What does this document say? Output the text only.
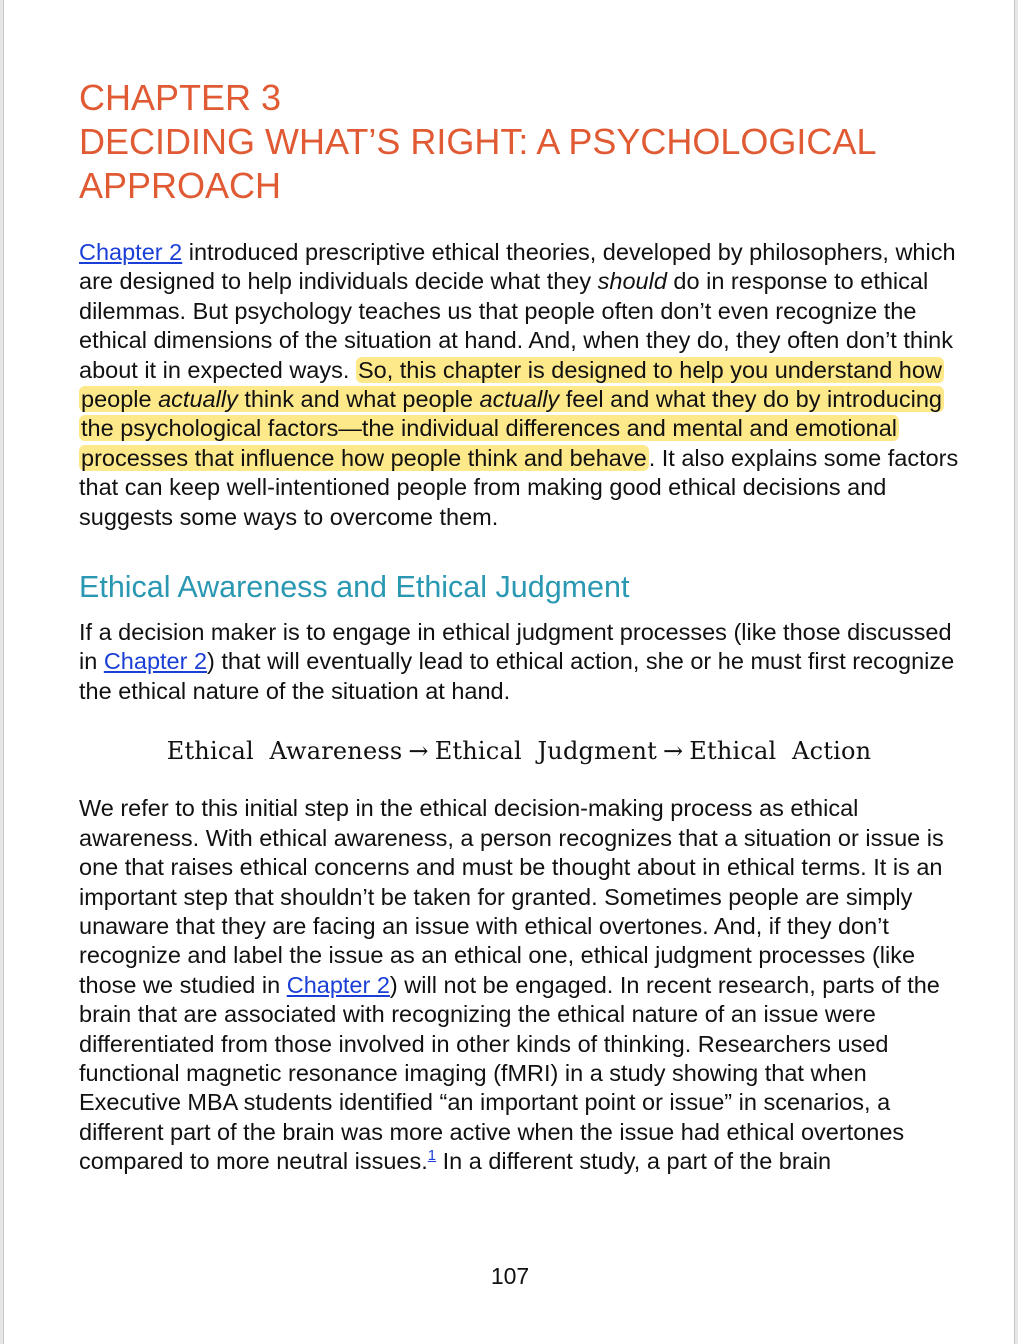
CHAPTER 3
DECIDING WHAT’S RIGHT: A PSYCHOLOGICAL
APPROACH

Chapter 2 introduced prescriptive ethical theories, developed by philosophers, which are designed to help individuals decide what they should do in response to ethical dilemmas. But psychology teaches us that people often don’t even recognize the ethical dimensions of the situation at hand. And, when they do, they often don’t think about it in expected ways. So, this chapter is designed to help you understand how people actually think and what people actually feel and what they do by introducing the psychological factors—the individual differences and mental and emotional processes that influence how people think and behave. It also explains some factors that can keep well-intentioned people from making good ethical decisions and suggests some ways to overcome them.

Ethical Awareness and Ethical Judgment

If a decision maker is to engage in ethical judgment processes (like those discussed in Chapter 2) that will eventually lead to ethical action, she or he must first recognize the ethical nature of the situation at hand.

Ethical  Awareness → Ethical  Judgment → Ethical  Action

We refer to this initial step in the ethical decision-making process as ethical awareness. With ethical awareness, a person recognizes that a situation or issue is one that raises ethical concerns and must be thought about in ethical terms. It is an important step that shouldn’t be taken for granted. Sometimes people are simply unaware that they are facing an issue with ethical overtones. And, if they don’t recognize and label the issue as an ethical one, ethical judgment processes (like those we studied in Chapter 2) will not be engaged. In recent research, parts of the brain that are associated with recognizing the ethical nature of an issue were differentiated from those involved in other kinds of thinking. Researchers used functional magnetic resonance imaging (fMRI) in a study showing that when Executive MBA students identified “an important point or issue” in scenarios, a different part of the brain was more active when the issue had ethical overtones compared to more neutral issues.$^1$ In a different study, a part of the brain

107
